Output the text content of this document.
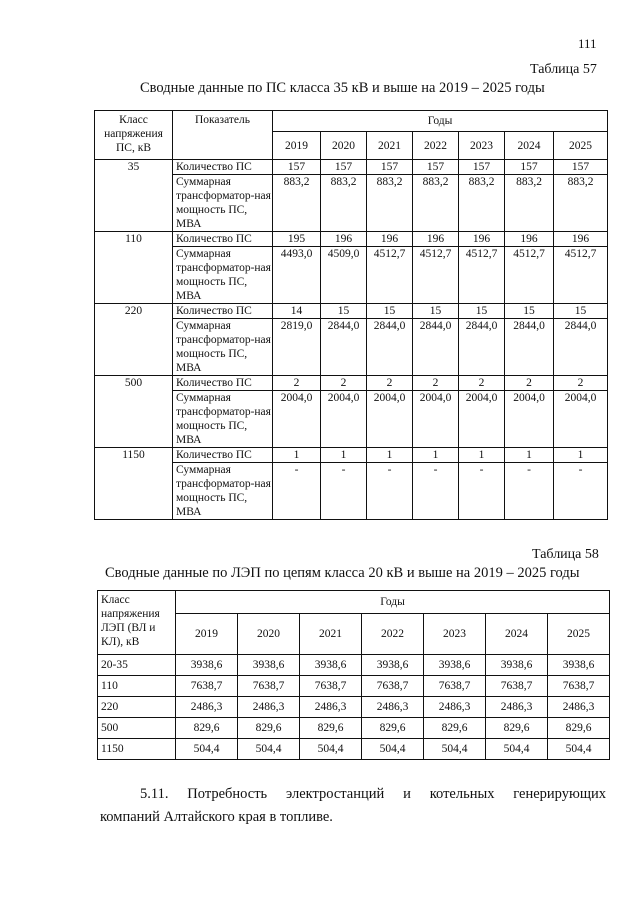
111
Таблица 57
Сводные данные по ПС класса 35 кВ и выше на 2019 – 2025 годы
Класс напряжения ПС, кВ	Показатель	Годы						
		2019	2020	2021	2022	2023	2024	2025
35	Количество ПС	157	157	157	157	157	157	157
	Суммарная трансформатор-ная мощность ПС, МВА	883,2	883,2	883,2	883,2	883,2	883,2	883,2
110	Количество ПС	195	196	196	196	196	196	196
	Суммарная трансформатор-ная мощность ПС, МВА	4493,0	4509,0	4512,7	4512,7	4512,7	4512,7	4512,7
220	Количество ПС	14	15	15	15	15	15	15
	Суммарная трансформатор-ная мощность ПС, МВА	2819,0	2844,0	2844,0	2844,0	2844,0	2844,0	2844,0
500	Количество ПС	2	2	2	2	2	2	2
	Суммарная трансформатор-ная мощность ПС, МВА	2004,0	2004,0	2004,0	2004,0	2004,0	2004,0	2004,0
1150	Количество ПС	1	1	1	1	1	1	1
	Суммарная трансформатор-ная мощность ПС, МВА	-	-	-	-	-	-	-
Таблица 58
Сводные данные по ЛЭП по цепям класса 20 кВ и выше на 2019 – 2025 годы
Класс напряжения ЛЭП (ВЛ и КЛ), кВ	Годы						
	2019	2020	2021	2022	2023	2024	2025
20-35	3938,6	3938,6	3938,6	3938,6	3938,6	3938,6	3938,6
110	7638,7	7638,7	7638,7	7638,7	7638,7	7638,7	7638,7
220	2486,3	2486,3	2486,3	2486,3	2486,3	2486,3	2486,3
500	829,6	829,6	829,6	829,6	829,6	829,6	829,6
1150	504,4	504,4	504,4	504,4	504,4	504,4	504,4
5.11. Потребность электростанций и котельных генерирующих
компаний Алтайского края в топливе.
